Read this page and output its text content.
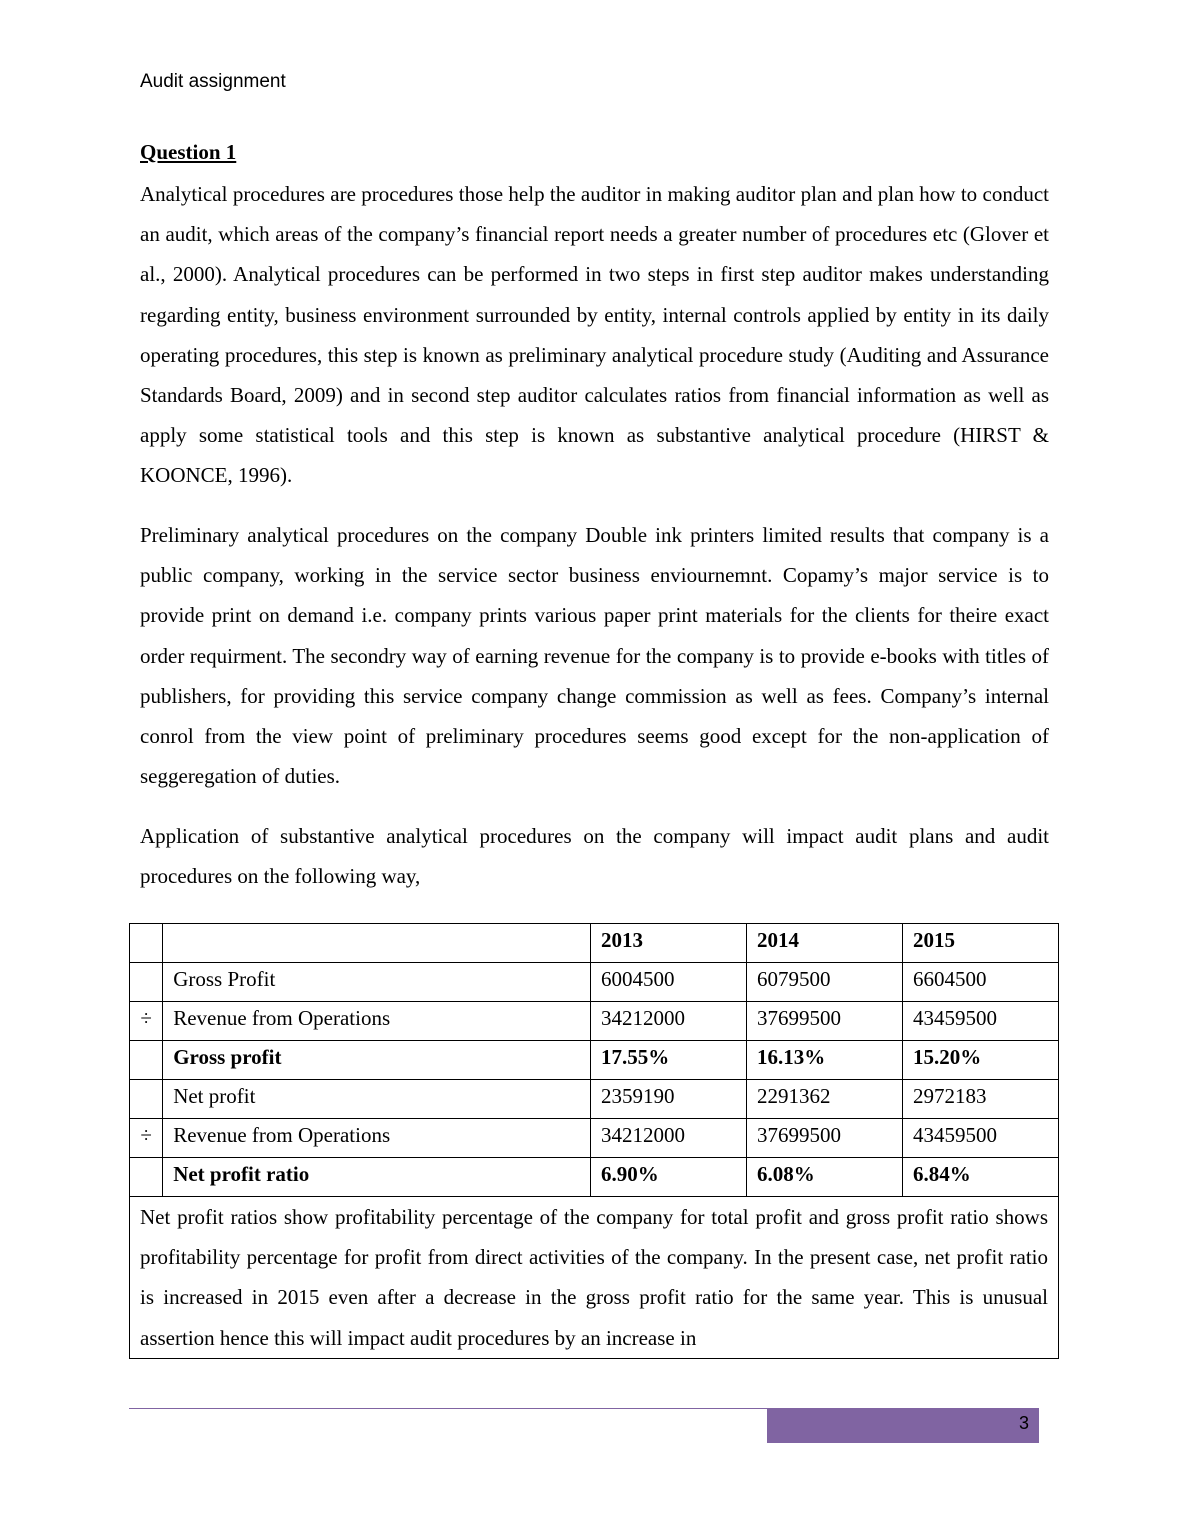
Audit assignment
Question 1

Analytical procedures are procedures those help the auditor in making auditor plan and plan how to conduct an audit, which areas of the company’s financial report needs a greater number of procedures etc (Glover et al., 2000). Analytical procedures can be performed in two steps in first step auditor makes understanding regarding entity, business environment surrounded by entity, internal controls applied by entity in its daily operating procedures, this step is known as preliminary analytical procedure study (Auditing and Assurance Standards Board, 2009) and in second step auditor calculates ratios from financial information as well as apply some statistical tools and this step is known as substantive analytical procedure (HIRST & KOONCE, 1996).

Preliminary analytical procedures on the company Double ink printers limited results that company is a public company, working in the service sector business enviournemnt. Copamy’s major service is to provide print on demand i.e. company prints various paper print materials for the clients for theire exact order requirment. The secondry way of earning revenue for the company is to provide e-books with titles of publishers, for providing this service company change commission as well as fees. Company’s internal conrol from the view point of preliminary procedures seems good except for the non-application of seggeregation of duties.

Application of substantive analytical procedures on the company will impact audit plans and audit procedures on the following way,

		2013	2014	2015
	Gross Profit	6004500	6079500	6604500
÷	Revenue from Operations	34212000	37699500	43459500
	Gross profit	17.55%	16.13%	15.20%
	Net profit	2359190	2291362	2972183
÷	Revenue from Operations	34212000	37699500	43459500
	Net profit ratio	6.90%	6.08%	6.84%
Net profit ratios show profitability percentage of the company for total profit and gross profit ratio shows profitability percentage for profit from direct activities of the company. In the present case, net profit ratio is increased in 2015 even after a decrease in the gross profit ratio for the same year. This is unusual assertion hence this will impact audit procedures by an increase in				
3
